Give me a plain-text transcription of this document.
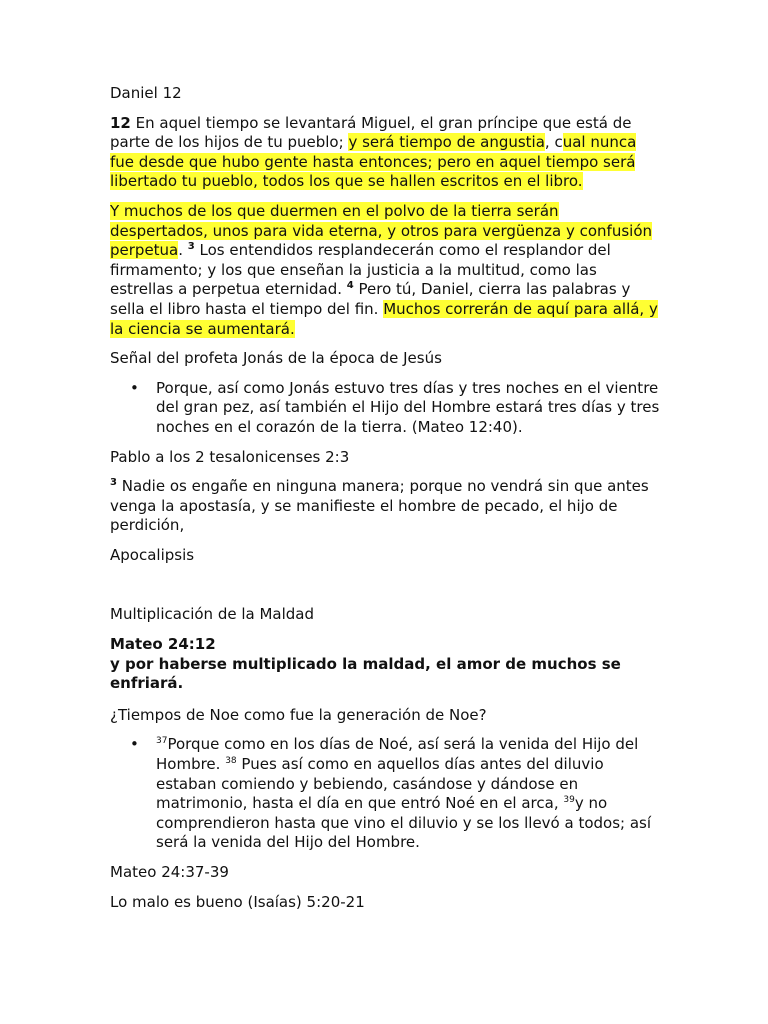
Daniel 12

12 En aquel tiempo se levantará Miguel, el gran príncipe que está de parte de los hijos de tu pueblo; y será tiempo de angustia, cual nunca fue desde que hubo gente hasta entonces; pero en aquel tiempo será libertado tu pueblo, todos los que se hallen escritos en el libro.

Y muchos de los que duermen en el polvo de la tierra serán despertados, unos para vida eterna, y otros para vergüenza y confusión perpetua. $^3$ Los entendidos resplandecerán como el resplandor del firmamento; y los que enseñan la justicia a la multitud, como las estrellas a perpetua eternidad. $^4$ Pero tú, Daniel, cierra las palabras y sella el libro hasta el tiempo del fin. Muchos correrán de aquí para allá, y la ciencia se aumentará.

Señal del profeta Jonás de la época de Jesús

• Porque, así como Jonás estuvo tres días y tres noches en el vientre del gran pez, así también el Hijo del Hombre estará tres días y tres noches en el corazón de la tierra. (Mateo 12:40).

Pablo a los 2 tesalonicenses 2:3

$^3$ Nadie os engañe en ninguna manera; porque no vendrá sin que antes venga la apostasía, y se manifieste el hombre de pecado, el hijo de perdición,

Apocalipsis

Multiplicación de la Maldad

Mateo 24:12
y por haberse multiplicado la maldad, el amor de muchos se enfriará.

¿Tiempos de Noe como fue la generación de Noe?

• $^{37}$Porque como en los días de Noé, así será la venida del Hijo del Hombre. $^{38}$ Pues así como en aquellos días antes del diluvio estaban comiendo y bebiendo, casándose y dándose en matrimonio, hasta el día en que entró Noé en el arca, $^{39}$y no comprendieron hasta que vino el diluvio y se los llevó a todos; así será la venida del Hijo del Hombre.

Mateo 24:37-39

Lo malo es bueno (Isaías) 5:20-21
